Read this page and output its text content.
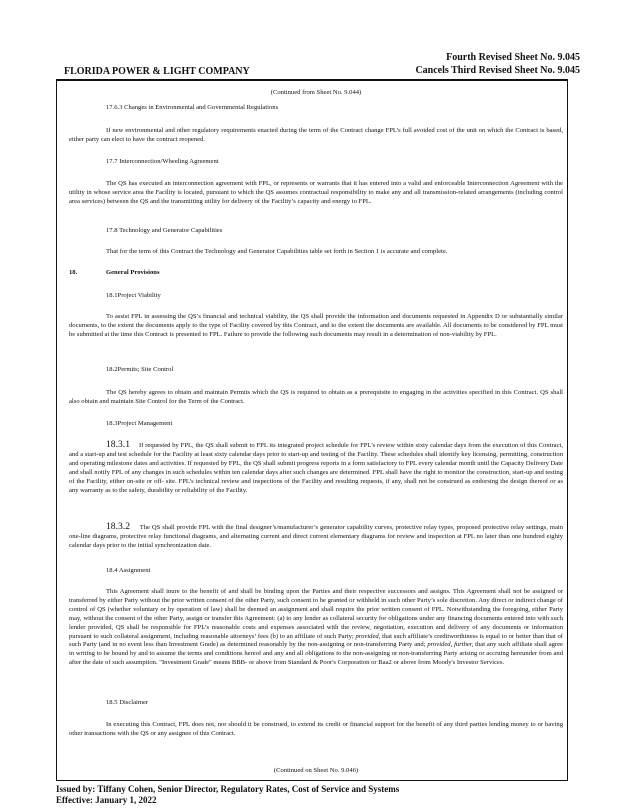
Fourth Revised Sheet No. 9.045
Cancels Third Revised Sheet No. 9.045
FLORIDA POWER & LIGHT COMPANY

(Continued from Sheet No. 9.044)

17.6.3 Changes in Environmental and Governmental Regulations

If new environmental and other regulatory requirements enacted during the term of the Contract change FPL’s full avoided cost of the unit on which the Contract is based, either party can elect to have the contract reopened.

17.7 Interconnection/Wheeling Agreement

The QS has executed an interconnection agreement with FPL, or represents or warrants that it has entered into a valid and enforceable Interconnection Agreement with the utility in whose service area the Facility is located, pursuant to which the QS assumes contractual responsibility to make any and all transmission-related arrangements (including control area services) between the QS and the transmitting utility for delivery of the Facility’s capacity and energy to FPL.

17.8 Technology and Generator Capabilities

That for the term of this Contract the Technology and Generator Capabilities table set forth in Section 1 is accurate and complete.

18.	General Provisions

18.1Project Viability

To assist FPL in assessing the QS’s financial and technical viability, the QS shall provide the information and documents requested in Appendix D or substantially similar documents, to the extent the documents apply to the type of Facility covered by this Contract, and to the extent the documents are available. All documents to be considered by FPL must be submitted at the time this Contract is presented to FPL. Failure to provide the following such documents may result in a determination of non-viability by FPL.

18.2Permits; Site Control

The QS hereby agrees to obtain and maintain Permits which the QS is required to obtain as a prerequisite to engaging in the activities specified in this Contract. QS shall also obtain and maintain Site Control for the Term of the Contract.

18.3Project Management

18.3.1 If requested by FPL, the QS shall submit to FPL its integrated project schedule for FPL’s review within sixty calendar days from the execution of this Contract, and a start-up and test schedule for the Facility at least sixty calendar days prior to start-up and testing of the Facility. These schedules shall identify key licensing, permitting, construction and operating milestone dates and activities. If requested by FPL, the QS shall submit progress reports in a form satisfactory to FPL every calendar month until the Capacity Delivery Date and shall notify FPL of any changes in such schedules within ten calendar days after such changes are determined. FPL shall have the right to monitor the construction, start-up and testing of the Facility, either on-site or off- site. FPL’s technical review and inspections of the Facility and resulting requests, if any, shall not be construed as endorsing the design thereof or as any warranty as to the safety, durability or reliability of the Facility.

18.3.2 The QS shall provide FPL with the final designer’s/manufacturer’s generator capability curves, protective relay types, proposed protective relay settings, main one-line diagrams, protective relay functional diagrams, and alternating current and direct current elementary diagrams for review and inspection at FPL no later than one hundred eighty calendar days prior to the initial synchronization date.

18.4 Assignment

This Agreement shall inure to the benefit of and shall be binding upon the Parties and their respective successors and assigns. This Agreement shall not be assigned or transferred by either Party without the prior written consent of the other Party, such consent to be granted or withheld in such other Party’s sole discretion. Any direct or indirect change of control of QS (whether voluntary or by operation of law) shall be deemed an assignment and shall require the prior written consent of FPL. Notwithstanding the foregoing, either Party may, without the consent of the other Party, assign or transfer this Agreement: (a) to any lender as collateral security for obligations under any financing documents entered into with such lender provided, QS shall be responsible for FPL’s reasonable costs and expenses associated with the review, negotiation, execution and delivery of any documents or information pursuant to such collateral assignment, including reasonable attorneys’ fees (b) to an affiliate of such Party; provided, that such affiliate’s creditworthiness is equal to or better than that of such Party (and in no event less than Investment Grade) as determined reasonably by the non-assigning or non-transferring Party and; provided, further, that any such affiliate shall agree in writing to be bound by and to assume the terms and conditions hereof and any and all obligations to the non-assigning or non-transferring Party arising or accruing hereunder from and after the date of such assumption. "Investment Grade" means BBB- or above from Standard & Poor's Corporation or Baa2 or above from Moody's Investor Services.

18.5 Disclaimer

In executing this Contract, FPL does not, nor should it be construed, to extend its credit or financial support for the benefit of any third parties lending money to or having other transactions with the QS or any assignee of this Contract.

(Continued on Sheet No. 9.046)

Issued by: Tiffany Cohen, Senior Director, Regulatory Rates, Cost of Service and Systems
Effective: January 1, 2022
